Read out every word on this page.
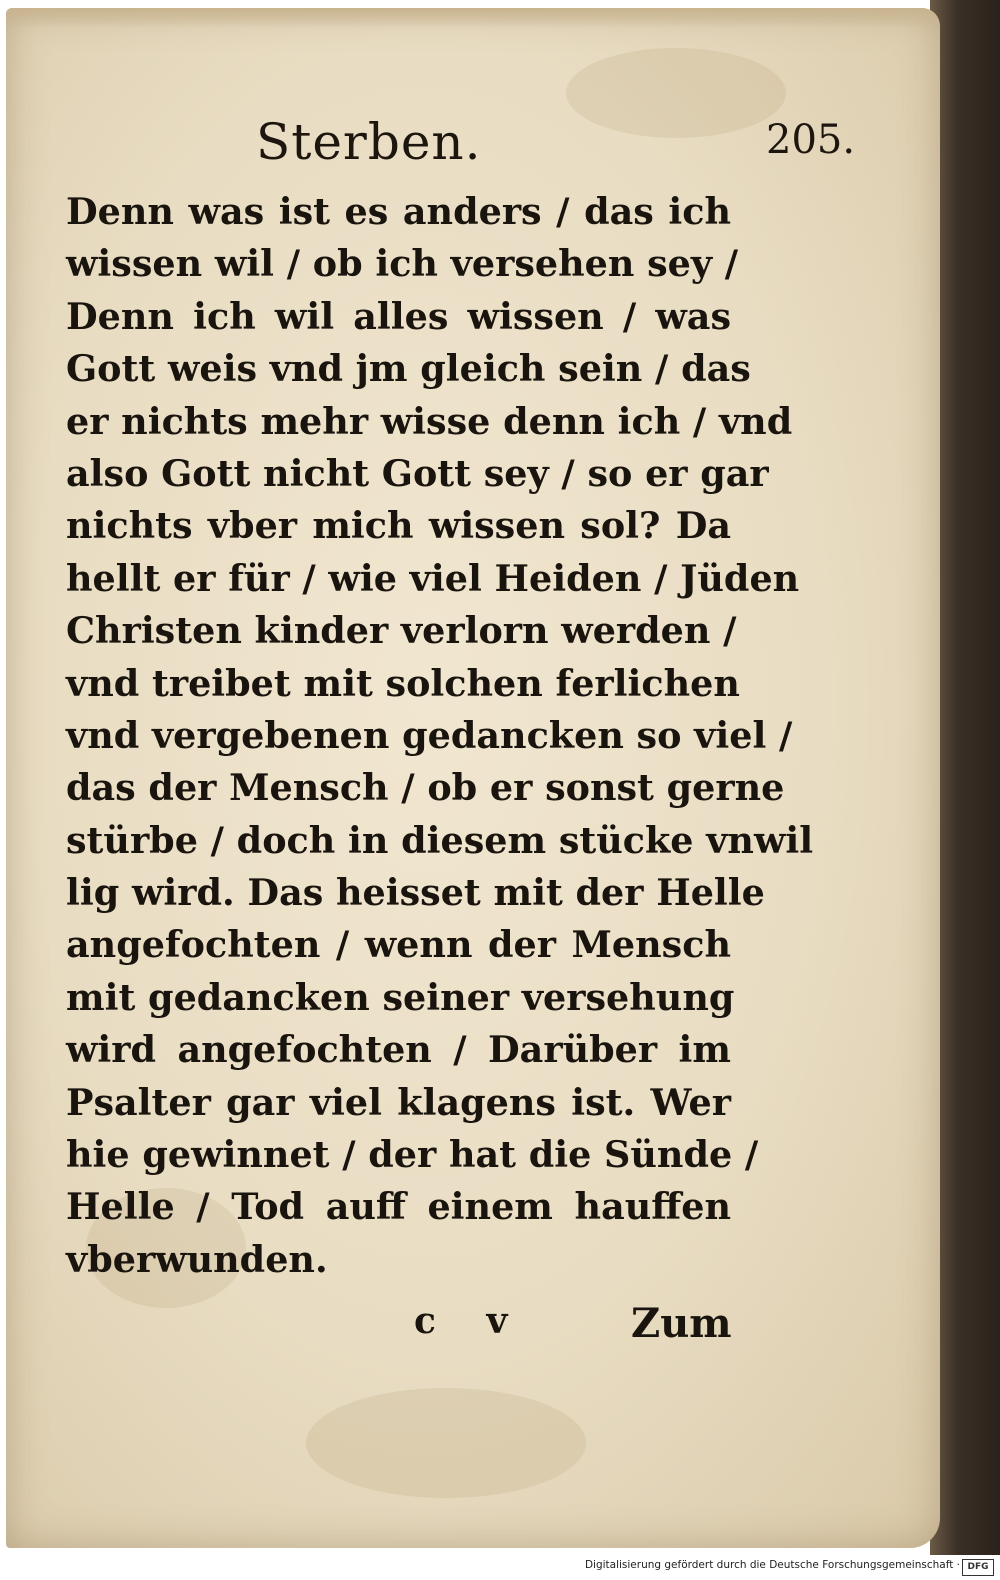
Sterben.	205.
Denn was ist es anders / das ich
wissen wil / ob ich versehen sey /
Denn ich wil alles wissen / was
Gott weis vnd jm gleich sein / das
er nichts mehr wisse denn ich / vnd
also Gott nicht Gott sey / so er gar
nichts vber mich wissen sol? Da
hellt er für / wie viel Heiden / Jüden
Christen kinder verlorn werden /
vnd treibet mit solchen ferlichen
vnd vergebenen gedancken so viel /
das der Mensch / ob er sonst gerne
stürbe / doch in diesem stücke vnwil
lig wird. Das heisset mit der Helle
angefochten / wenn der Mensch
mit gedancken seiner versehung
wird angefochten / Darüber im
Psalter gar viel klagens ist. Wer
hie gewinnet / der hat die Sünde /
Helle / Tod auff einem hauffen
vberwunden.
c v	Zum
Digitalisierung gefördert durch die Deutsche Forschungsgemeinschaft · DFG
